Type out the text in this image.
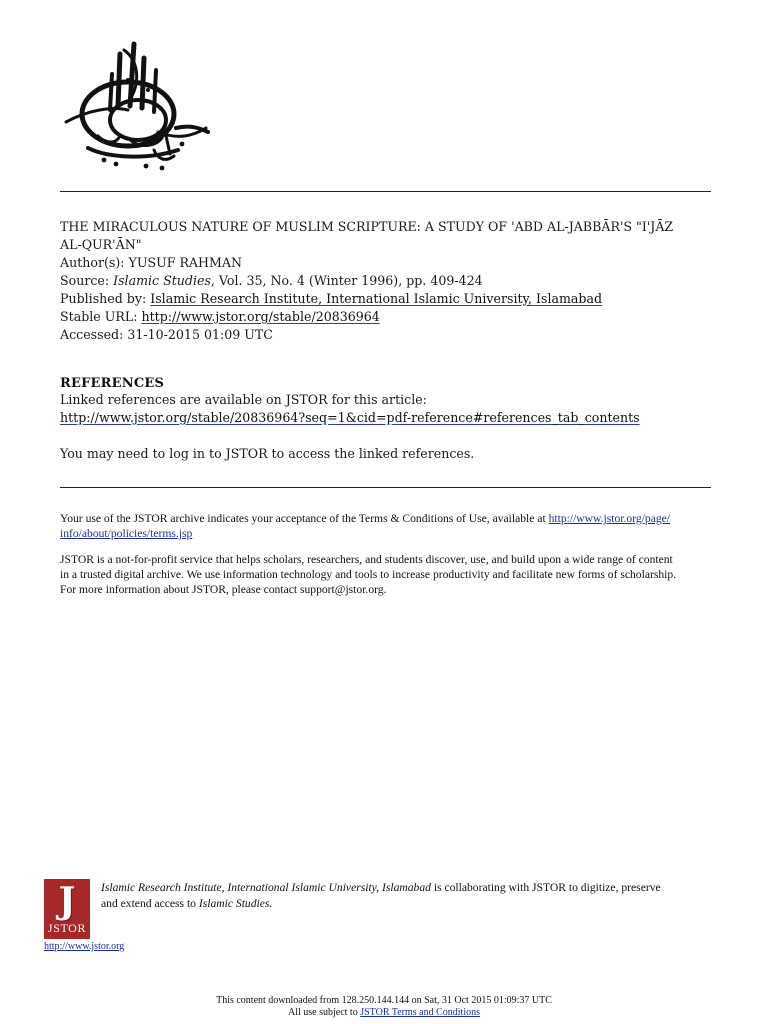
THE MIRACULOUS NATURE OF MUSLIM SCRIPTURE: A STUDY OF 'ABD AL-JABBĀR'S "I'JĀZ
AL-QUR'ĀN"
Author(s): YUSUF RAHMAN
Source: Islamic Studies, Vol. 35, No. 4 (Winter 1996), pp. 409-424
Published by: Islamic Research Institute, International Islamic University, Islamabad
Stable URL: http://www.jstor.org/stable/20836964
Accessed: 31-10-2015 01:09 UTC
REFERENCES
Linked references are available on JSTOR for this article:
http://www.jstor.org/stable/20836964?seq=1&cid=pdf-reference#references_tab_contents
You may need to log in to JSTOR to access the linked references.
Your use of the JSTOR archive indicates your acceptance of the Terms & Conditions of Use, available at http://www.jstor.org/page/
info/about/policies/terms.jsp
JSTOR is a not-for-profit service that helps scholars, researchers, and students discover, use, and build upon a wide range of content
in a trusted digital archive. We use information technology and tools to increase productivity and facilitate new forms of scholarship.
For more information about JSTOR, please contact support@jstor.org.
J
JSTOR
Islamic Research Institute, International Islamic University, Islamabad is collaborating with JSTOR to digitize, preserve
and extend access to Islamic Studies.
http://www.jstor.org
This content downloaded from 128.250.144.144 on Sat, 31 Oct 2015 01:09:37 UTC
All use subject to JSTOR Terms and Conditions
